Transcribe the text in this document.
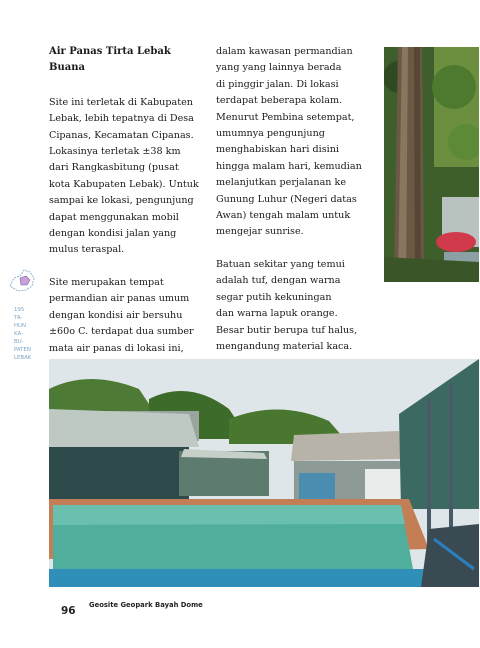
Air Panas Tirta Lebak Buana

Site ini terletak di Kabupaten

Lebak, lebih tepatnya di Desa

Cipanas, Kecamatan Cipanas.

Lokasinya terletak ±38 km

dari Rangkasbitung (pusat

kota Kabupaten Lebak). Untuk

sampai ke lokasi, pengunjung

dapat menggunakan mobil

dengan kondisi jalan yang

mulus teraspal.

Site merupakan tempat

permandian air panas umum

dengan kondisi air bersuhu

±60o C. terdapat dua sumber

mata air panas di lokasi ini,

dalam kawasan permandian

yang yang lainnya berada

di pinggir jalan. Di lokasi

terdapat beberapa kolam.

Menurut Pembina setempat,

umumnya pengunjung

menghabiskan hari disini

hingga malam hari, kemudian

melanjutkan perjalanan ke

Gunung Luhur (Negeri datas

Awan) tengah malam untuk

mengejar sunrise.

Batuan sekitar yang temui

adalah tuf, dengan warna

segar putih kekuningan

dan warna lapuk orange.

Besar butir berupa tuf halus,

mengandung material kaca.

195
TA-
HUN
KA-
BU-
PATEN
LEBAK
96 Geosite Geopark Bayah Dome
